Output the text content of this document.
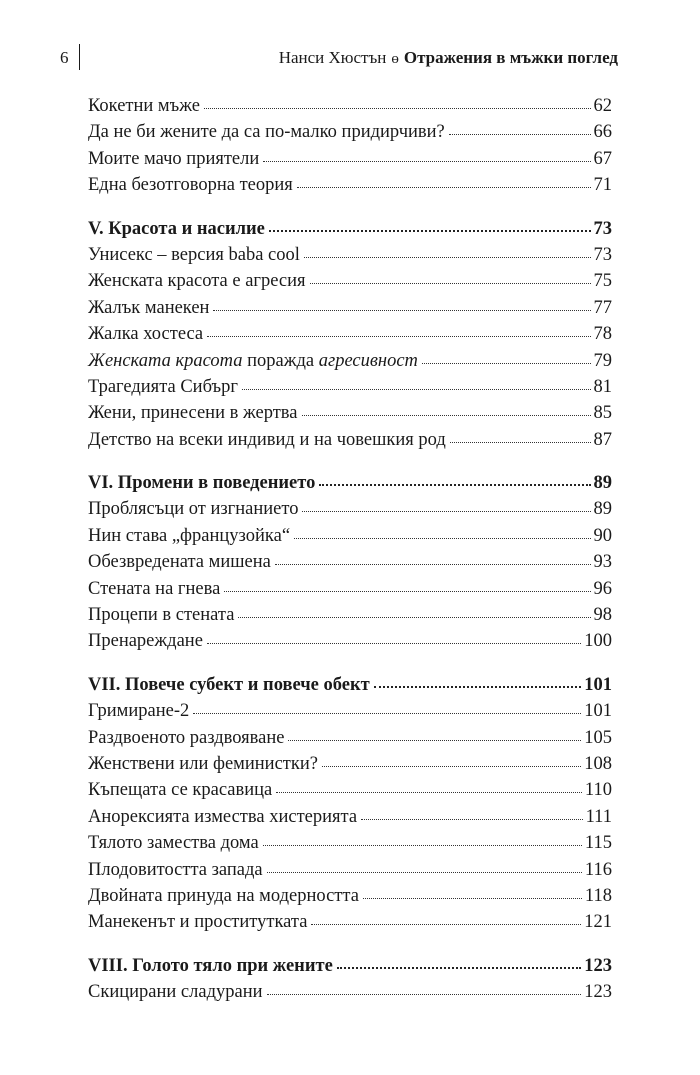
6	Нанси Хюстън ө Отражения в мъжки поглед
Кокетни мъже	62
Да не би жените да са по-малко придирчиви?	66
Моите мачо приятели	67
Една безотговорна теория	71
V. Красота и насилие	73
Унисекс – версия baba cool	73
Женската красота е агресия	75
Жалък манекен	77
Жалка хостеса	78
Женската красота поражда агресивност	79
Трагедията Сибърг	81
Жени, принесени в жертва	85
Детство на всеки индивид и на човешкия род	87
VI. Промени в поведението	89
Проблясъци от изгнанието	89
Нин става „французойка“	90
Обезвредената мишена	93
Стената на гнева	96
Процепи в стената	98
Пренареждане	100
VII. Повече субект и повече обект	101
Гримиране-2	101
Раздвоеното раздвояване	105
Женствени или феминистки?	108
Къпещата се красавица	110
Анорексията измества хистерията	111
Тялото замества дома	115
Плодовитостта запада	116
Двойната принуда на модерността	118
Манекенът и проститутката	121
VIII. Голото тяло при жените	123
Скицирани сладурани	123
